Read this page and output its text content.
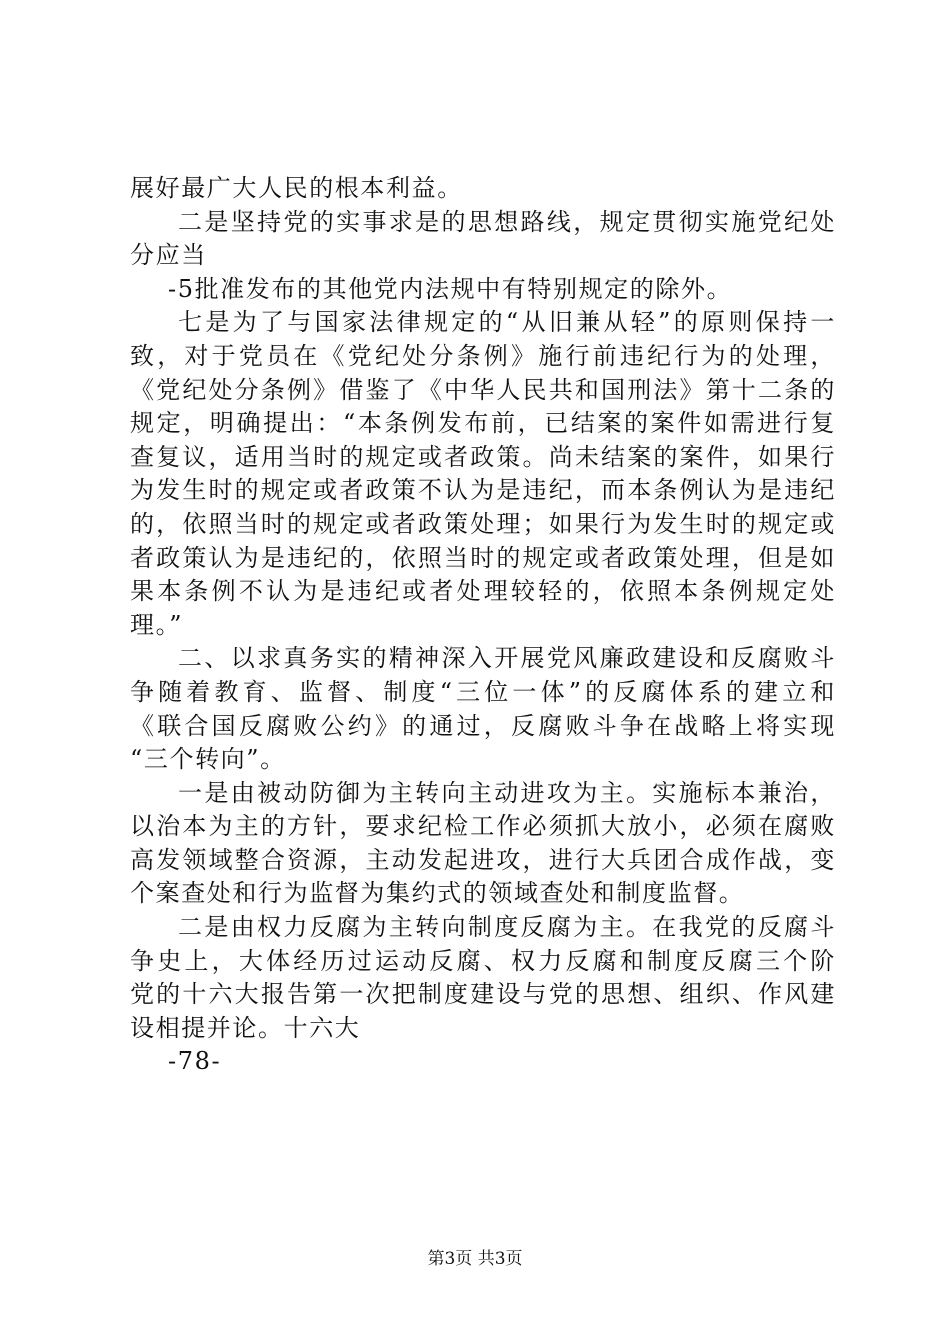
展好最广大人民的根本利益。
二是坚持党的实事求是的思想路线，规定贯彻实施党纪处
分应当
-5批准发布的其他党内法规中有特别规定的除外。
七是为了与国家法律规定的“从旧兼从轻”的原则保持一
致，对于党员在《党纪处分条例》施行前违纪行为的处理，
《党纪处分条例》借鉴了《中华人民共和国刑法》第十二条的
规定，明确提出：“本条例发布前，已结案的案件如需进行复
查复议，适用当时的规定或者政策。尚未结案的案件，如果行
为发生时的规定或者政策不认为是违纪，而本条例认为是违纪
的，依照当时的规定或者政策处理；如果行为发生时的规定或
者政策认为是违纪的，依照当时的规定或者政策处理，但是如
果本条例不认为是违纪或者处理较轻的，依照本条例规定处
理。”
二、以求真务实的精神深入开展党风廉政建设和反腐败斗
争随着教育、监督、制度“三位一体”的反腐体系的建立和
《联合国反腐败公约》的通过，反腐败斗争在战略上将实现
“三个转向”。
一是由被动防御为主转向主动进攻为主。实施标本兼治，
以治本为主的方针，要求纪检工作必须抓大放小，必须在腐败
高发领域整合资源，主动发起进攻，进行大兵团合成作战，变
个案查处和行为监督为集约式的领域查处和制度监督。
二是由权力反腐为主转向制度反腐为主。在我党的反腐斗
争史上，大体经历过运动反腐、权力反腐和制度反腐三个阶
党的十六大报告第一次把制度建设与党的思想、组织、作风建
设相提并论。十六大
-78-
第3页 共3页
